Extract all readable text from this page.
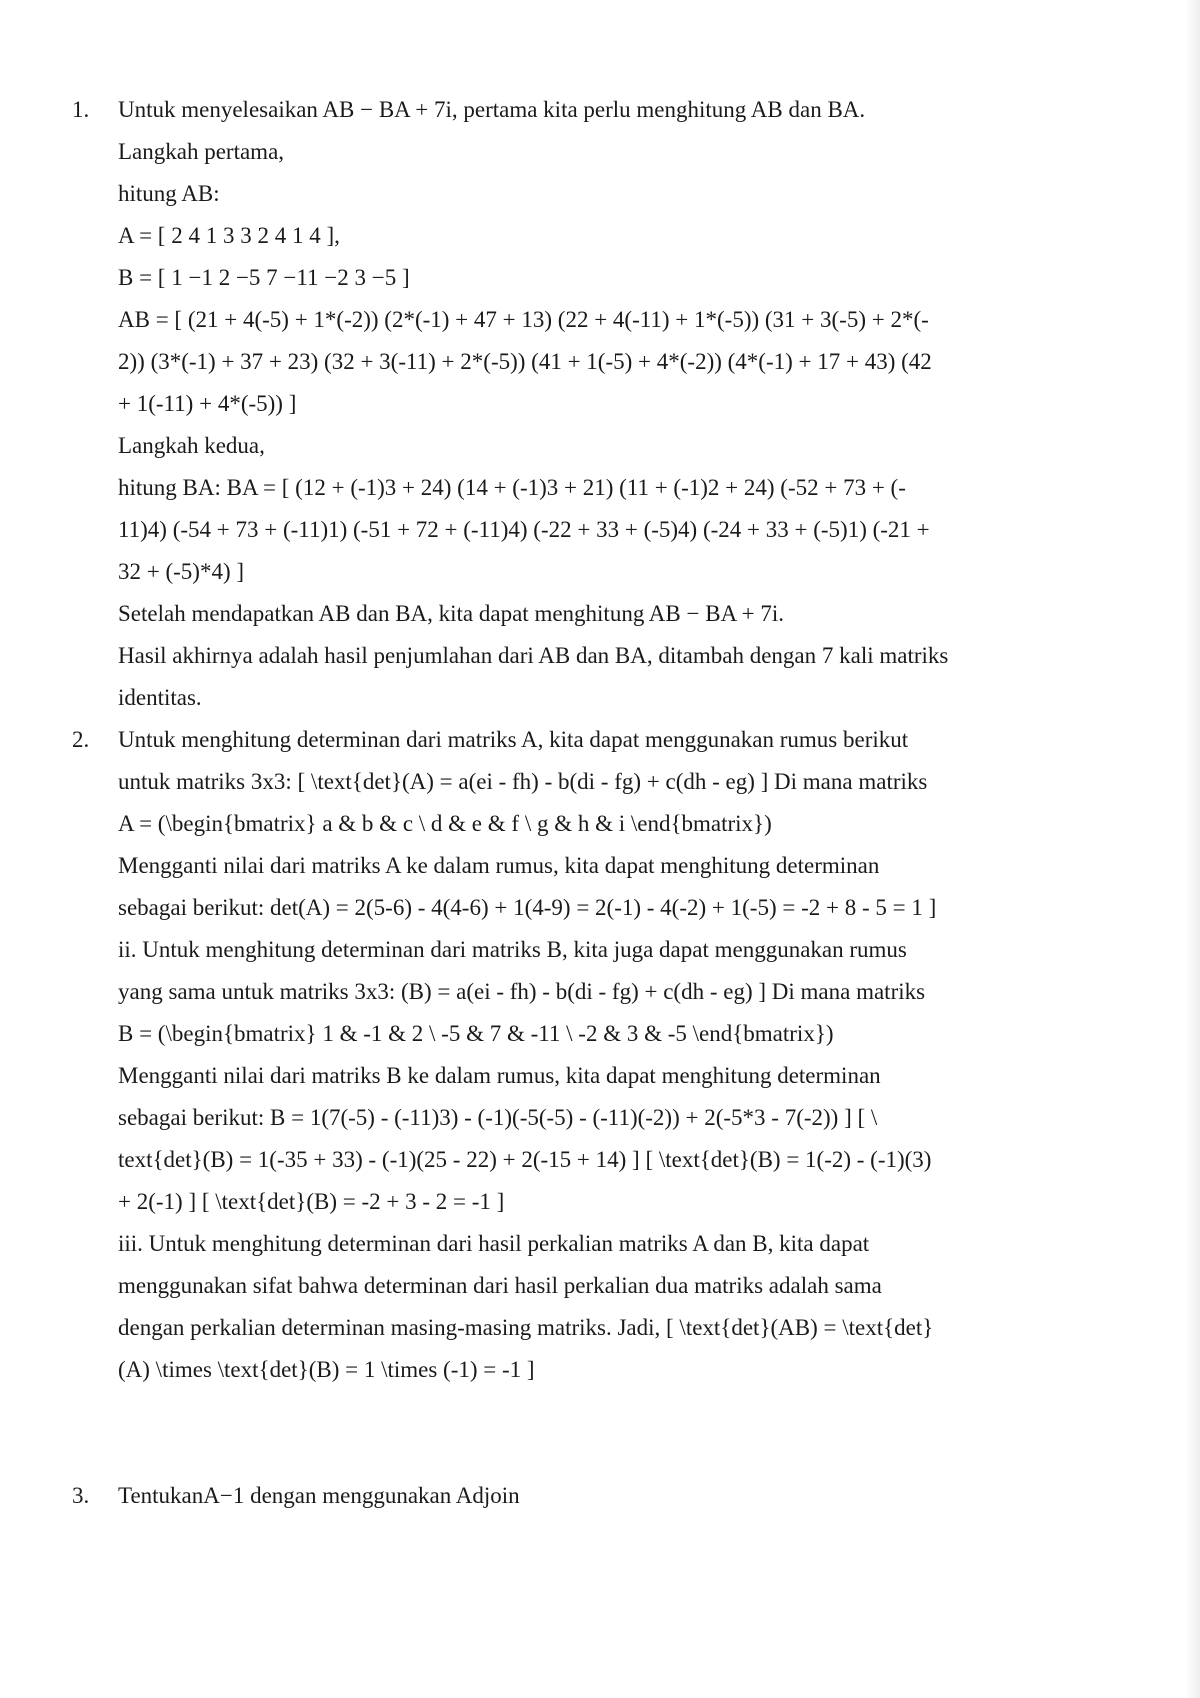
1. Untuk menyelesaikan AB − BA + 7i, pertama kita perlu menghitung AB dan BA.
Langkah pertama,
hitung AB:
A = [ 2 4 1 3 3 2 4 1 4 ],
B = [ 1 −1 2 −5 7 −11 −2 3 −5 ]
AB = [ (21 + 4(-5) + 1*(-2)) (2*(-1) + 47 + 13) (22 + 4(-11) + 1*(-5)) (31 + 3(-5) + 2*(-
2)) (3*(-1) + 37 + 23) (32 + 3(-11) + 2*(-5)) (41 + 1(-5) + 4*(-2)) (4*(-1) + 17 + 43) (42
+ 1(-11) + 4*(-5)) ]
Langkah kedua,
hitung BA: BA = [ (12 + (-1)3 + 24) (14 + (-1)3 + 21) (11 + (-1)2 + 24) (-52 + 73 + (-
11)4) (-54 + 73 + (-11)1) (-51 + 72 + (-11)4) (-22 + 33 + (-5)4) (-24 + 33 + (-5)1) (-21 +
32 + (-5)*4) ]
Setelah mendapatkan AB dan BA, kita dapat menghitung AB − BA + 7i.
Hasil akhirnya adalah hasil penjumlahan dari AB dan BA, ditambah dengan 7 kali matriks
identitas.
2. Untuk menghitung determinan dari matriks A, kita dapat menggunakan rumus berikut
untuk matriks 3x3: [ \text{det}(A) = a(ei - fh) - b(di - fg) + c(dh - eg) ] Di mana matriks
A = (\begin{bmatrix} a & b & c \ d & e & f \ g & h & i \end{bmatrix})
Mengganti nilai dari matriks A ke dalam rumus, kita dapat menghitung determinan
sebagai berikut: det(A) = 2(5-6) - 4(4-6) + 1(4-9) = 2(-1) - 4(-2) + 1(-5) = -2 + 8 - 5 = 1 ]
ii. Untuk menghitung determinan dari matriks B, kita juga dapat menggunakan rumus
yang sama untuk matriks 3x3: (B) = a(ei - fh) - b(di - fg) + c(dh - eg) ] Di mana matriks
B = (\begin{bmatrix} 1 & -1 & 2 \ -5 & 7 & -11 \ -2 & 3 & -5 \end{bmatrix})
Mengganti nilai dari matriks B ke dalam rumus, kita dapat menghitung determinan
sebagai berikut: B = 1(7(-5) - (-11)3) - (-1)(-5(-5) - (-11)(-2)) + 2(-5*3 - 7(-2)) ] [ \
text{det}(B) = 1(-35 + 33) - (-1)(25 - 22) + 2(-15 + 14) ] [ \text{det}(B) = 1(-2) - (-1)(3)
+ 2(-1) ] [ \text{det}(B) = -2 + 3 - 2 = -1 ]
iii. Untuk menghitung determinan dari hasil perkalian matriks A dan B, kita dapat
menggunakan sifat bahwa determinan dari hasil perkalian dua matriks adalah sama
dengan perkalian determinan masing-masing matriks. Jadi, [ \text{det}(AB) = \text{det}
(A) \times \text{det}(B) = 1 \times (-1) = -1 ]
3. TentukanA−1 dengan menggunakan Adjoin
